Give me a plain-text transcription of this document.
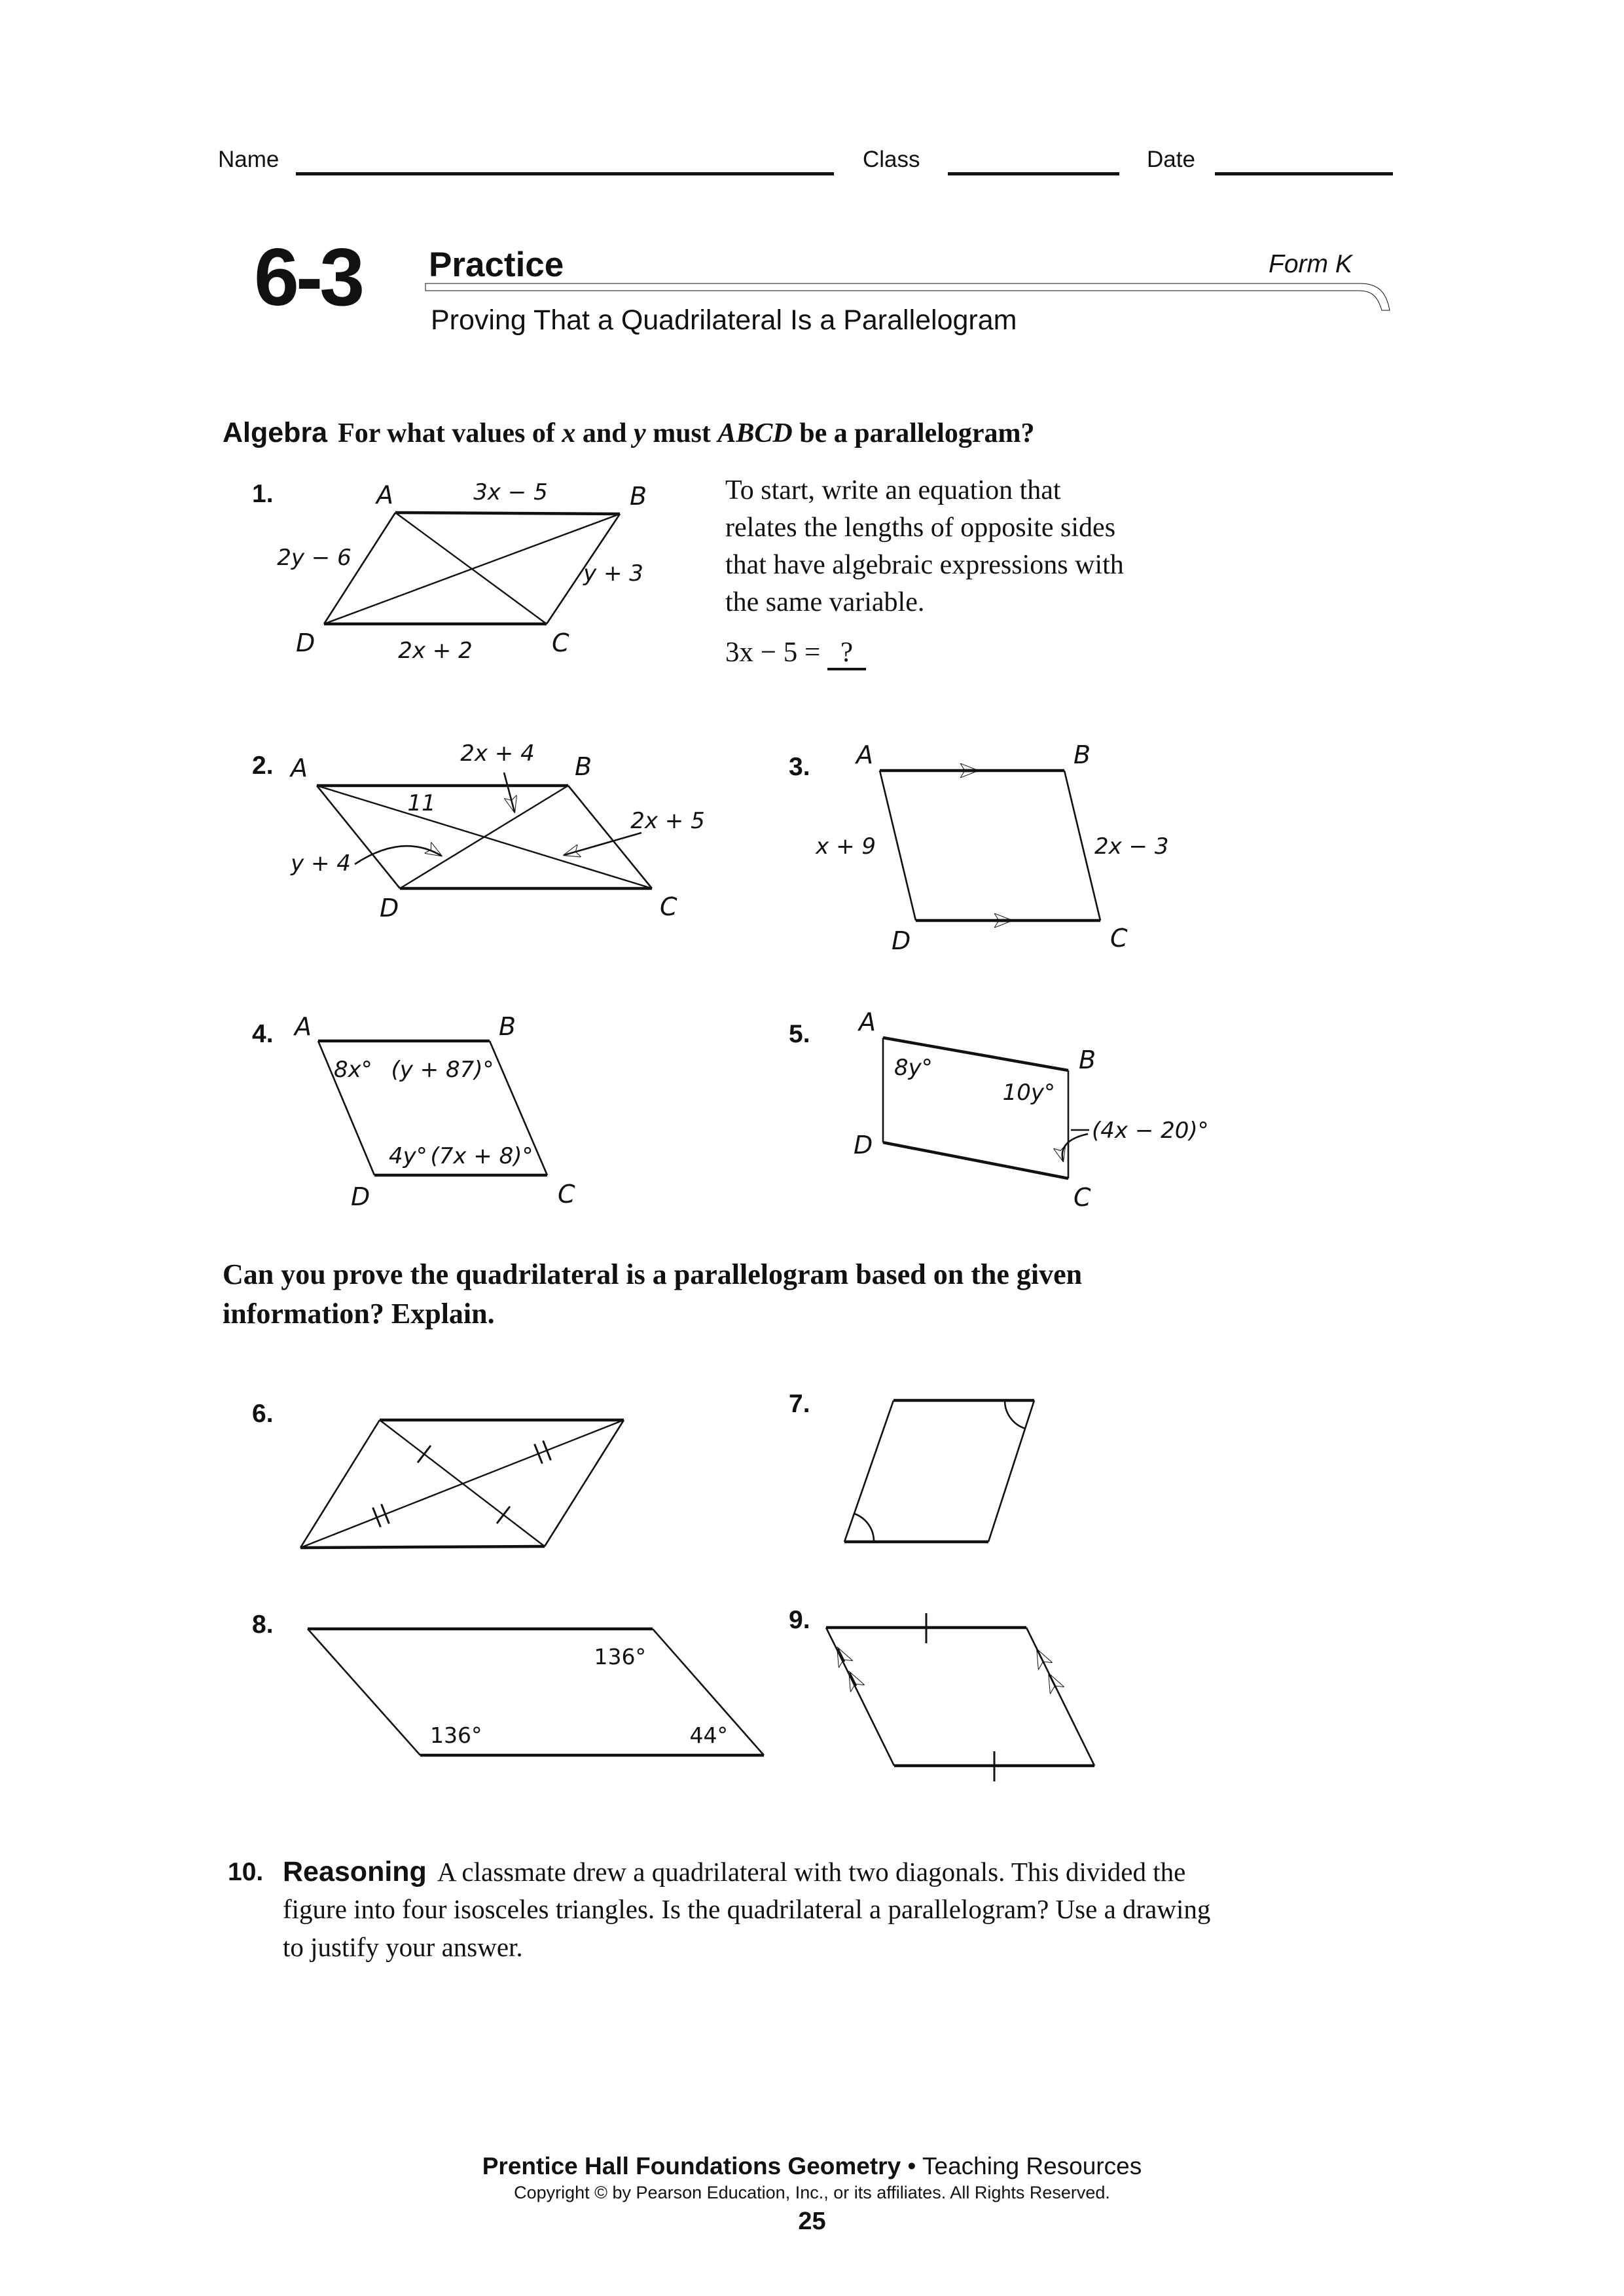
Name	Class	Date
6-3 Practice	Form K
Proving That a Quadrilateral Is a Parallelogram
Algebra For what values of x and y must ABCD be a parallelogram?
1.	A	B
C
D
3x − 5
2y − 6
y + 3
2x + 2
To start, write an equation that
relates the lengths of opposite sides
that have algebraic expressions with
the same variable.
3x − 5 = ?
2. A	B
C
D
2x + 4
11
2x + 5
y + 4
3. A	B
C
D
x + 9	2x − 3
4. A	B
C
D
8x° (y + 87)°
4y° (7x + 8)°
5. A
B
C
D
8y°
10y°
(4x − 20)°
Can you prove the quadrilateral is a parallelogram based on the given
information? Explain.
6.	7.
8.
136°
136°	44°
9.
10. Reasoning A classmate drew a quadrilateral with two diagonals. This divided the
figure into four isosceles triangles. Is the quadrilateral a parallelogram? Use a drawing
to justify your answer.
Prentice Hall Foundations Geometry • Teaching Resources
Copyright © by Pearson Education, Inc., or its affiliates. All Rights Reserved.
25
